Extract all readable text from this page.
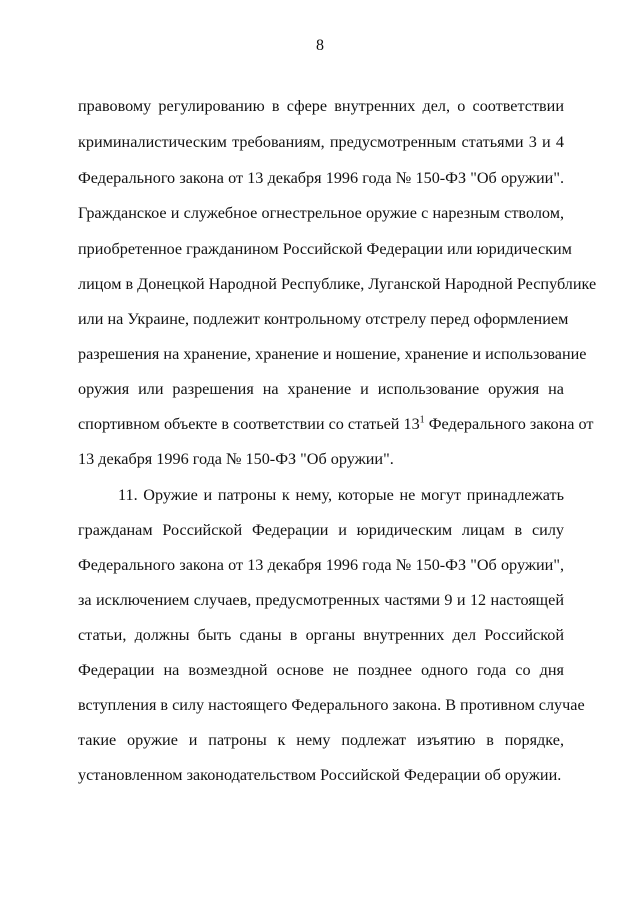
8
правовому регулированию в сфере внутренних дел, о соответствии
криминалистическим требованиям, предусмотренным статьями 3 и 4
Федерального закона от 13 декабря 1996 года № 150-ФЗ "Об оружии".
Гражданское и служебное огнестрельное оружие с нарезным стволом,
приобретенное гражданином Российской Федерации или юридическим
лицом в Донецкой Народной Республике, Луганской Народной Республике
или на Украине, подлежит контрольному отстрелу перед оформлением
разрешения на хранение, хранение и ношение, хранение и использование
оружия или разрешения на хранение и использование оружия на
спортивном объекте в соответствии со статьей $13^1$ Федерального закона от
13 декабря 1996 года № 150-ФЗ "Об оружии".
11. Оружие и патроны к нему, которые не могут принадлежать
гражданам Российской Федерации и юридическим лицам в силу
Федерального закона от 13 декабря 1996 года № 150-ФЗ "Об оружии",
за исключением случаев, предусмотренных частями 9 и 12 настоящей
статьи, должны быть сданы в органы внутренних дел Российской
Федерации на возмездной основе не позднее одного года со дня
вступления в силу настоящего Федерального закона. В противном случае
такие оружие и патроны к нему подлежат изъятию в порядке,
установленном законодательством Российской Федерации об оружии.
